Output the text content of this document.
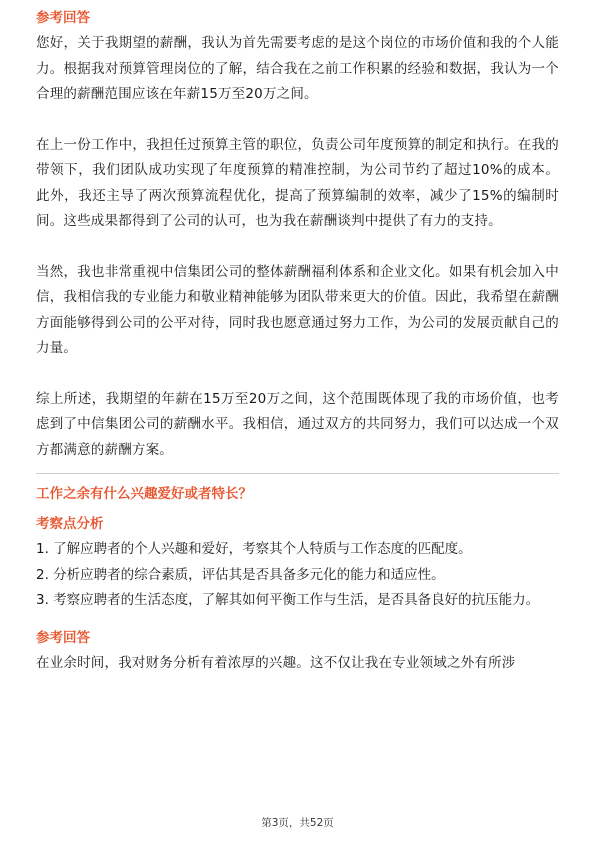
参考回答

您好，关于我期望的薪酬，我认为首先需要考虑的是这个岗位的市场价值和我的个人能力。根据我对预算管理岗位的了解，结合我在之前工作积累的经验和数据，我认为一个合理的薪酬范围应该在年薪15万至20万之间。

在上一份工作中，我担任过预算主管的职位，负责公司年度预算的制定和执行。在我的带领下，我们团队成功实现了年度预算的精准控制，为公司节约了超过10%的成本。此外，我还主导了两次预算流程优化，提高了预算编制的效率，减少了15%的编制时间。这些成果都得到了公司的认可，也为我在薪酬谈判中提供了有力的支持。

当然，我也非常重视中信集团公司的整体薪酬福利体系和企业文化。如果有机会加入中信，我相信我的专业能力和敬业精神能够为团队带来更大的价值。因此，我希望在薪酬方面能够得到公司的公平对待，同时我也愿意通过努力工作，为公司的发展贡献自己的力量。

综上所述，我期望的年薪在15万至20万之间，这个范围既体现了我的市场价值，也考虑到了中信集团公司的薪酬水平。我相信，通过双方的共同努力，我们可以达成一个双方都满意的薪酬方案。

工作之余有什么兴趣爱好或者特长？

考察点分析

1. 了解应聘者的个人兴趣和爱好，考察其个人特质与工作态度的匹配度。

2. 分析应聘者的综合素质，评估其是否具备多元化的能力和适应性。

3. 考察应聘者的生活态度，了解其如何平衡工作与生活，是否具备良好的抗压能力。

参考回答

在业余时间，我对财务分析有着浓厚的兴趣。这不仅让我在专业领域之外有所涉

第3页，共52页
